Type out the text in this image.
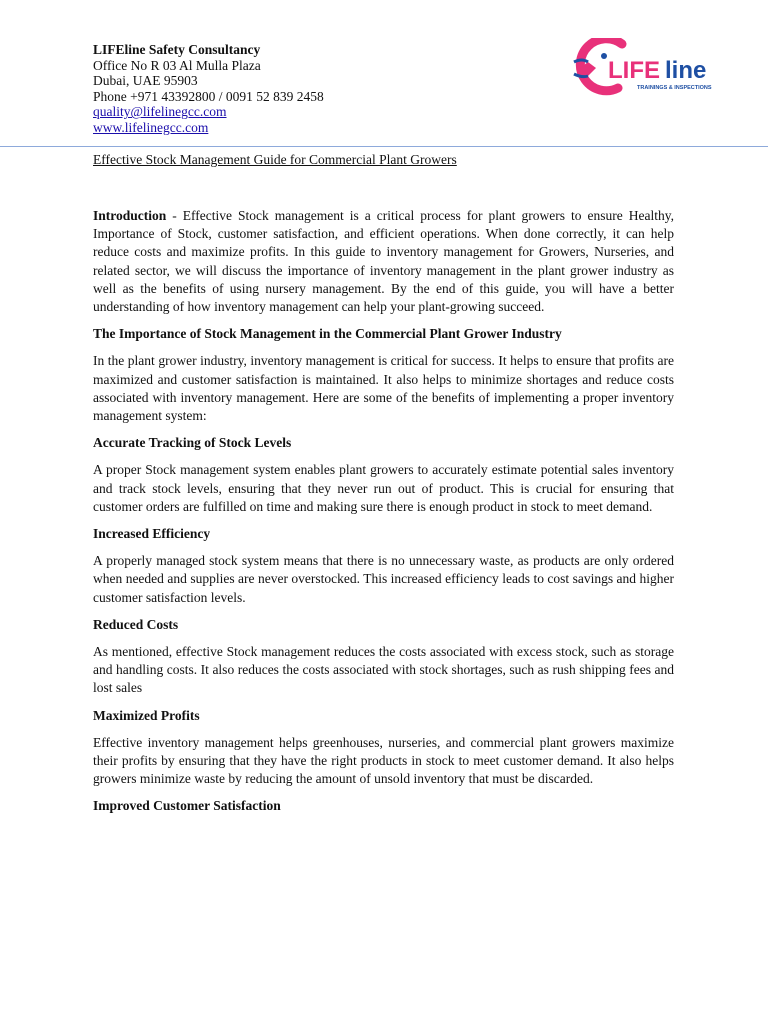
LIFEline Safety Consultancy
Office No R 03 Al Mulla Plaza
Dubai, UAE 95903
Phone +971 43392800 / 0091 52 839 2458
quality@lifelinegcc.com
www.lifelinegcc.com
LIFE line
TRAININGS & INSPECTIONS
Effective Stock Management Guide for Commercial Plant Growers

Introduction - Effective Stock management is a critical process for plant growers to ensure Healthy, Importance of Stock, customer satisfaction, and efficient operations. When done correctly, it can help reduce costs and maximize profits. In this guide to inventory management for Growers, Nurseries, and related sector, we will discuss the importance of inventory management in the plant grower industry as well as the benefits of using nursery management. By the end of this guide, you will have a better understanding of how inventory management can help your plant-growing succeed.

The Importance of Stock Management in the Commercial Plant Grower Industry

In the plant grower industry, inventory management is critical for success. It helps to ensure that profits are maximized and customer satisfaction is maintained. It also helps to minimize shortages and reduce costs associated with inventory management. Here are some of the benefits of implementing a proper inventory management system:

Accurate Tracking of Stock Levels

A proper Stock management system enables plant growers to accurately estimate potential sales inventory and track stock levels, ensuring that they never run out of product. This is crucial for ensuring that customer orders are fulfilled on time and making sure there is enough product in stock to meet demand.

Increased Efficiency

A properly managed stock system means that there is no unnecessary waste, as products are only ordered when needed and supplies are never overstocked. This increased efficiency leads to cost savings and higher customer satisfaction levels.

Reduced Costs

As mentioned, effective Stock management reduces the costs associated with excess stock, such as storage and handling costs. It also reduces the costs associated with stock shortages, such as rush shipping fees and lost sales

Maximized Profits

Effective inventory management helps greenhouses, nurseries, and commercial plant growers maximize their profits by ensuring that they have the right products in stock to meet customer demand. It also helps growers minimize waste by reducing the amount of unsold inventory that must be discarded.

Improved Customer Satisfaction
